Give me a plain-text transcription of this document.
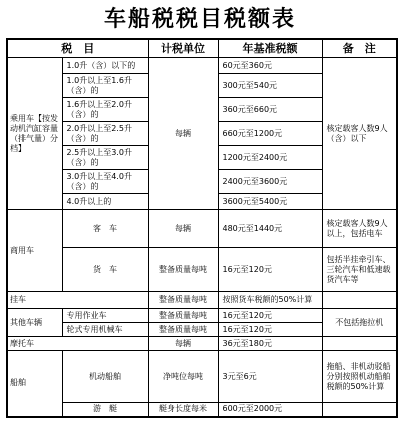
车船税税目税额表
税　目		计税单位	年基准税额	备　注
乘用车【按发动机汽缸容量（排气量）分档】	1.0升（含）以下的	每辆	60元至360元	核定载客人数9人（含）以下
	1.0升以上至1.6升（含）的		300元至540元	
	1.6升以上至2.0升（含）的		360元至660元	
	2.0升以上至2.5升（含）的		660元至1200元	
	2.5升以上至3.0升（含）的		1200元至2400元	
	3.0升以上至4.0升（含）的		2400元至3600元	
	4.0升以上的		3600元至5400元	
商用车	客　车	每辆	480元至1440元	核定载客人数9人以上，包括电车
	货　车	整备质量每吨	16元至120元	包括半挂牵引车、三轮汽车和低速载货汽车等
挂车		整备质量每吨	按照货车税额的50%计算	
其他车辆	专用作业车	整备质量每吨	16元至120元	不包括拖拉机
	轮式专用机械车	整备质量每吨	16元至120元	
摩托车		每辆	36元至180元	
船舶	机动船舶	净吨位每吨	3元至6元	拖船、非机动驳船分别按照机动船舶税额的50%计算
	游　艇	艇身长度每米	600元至2000元	
